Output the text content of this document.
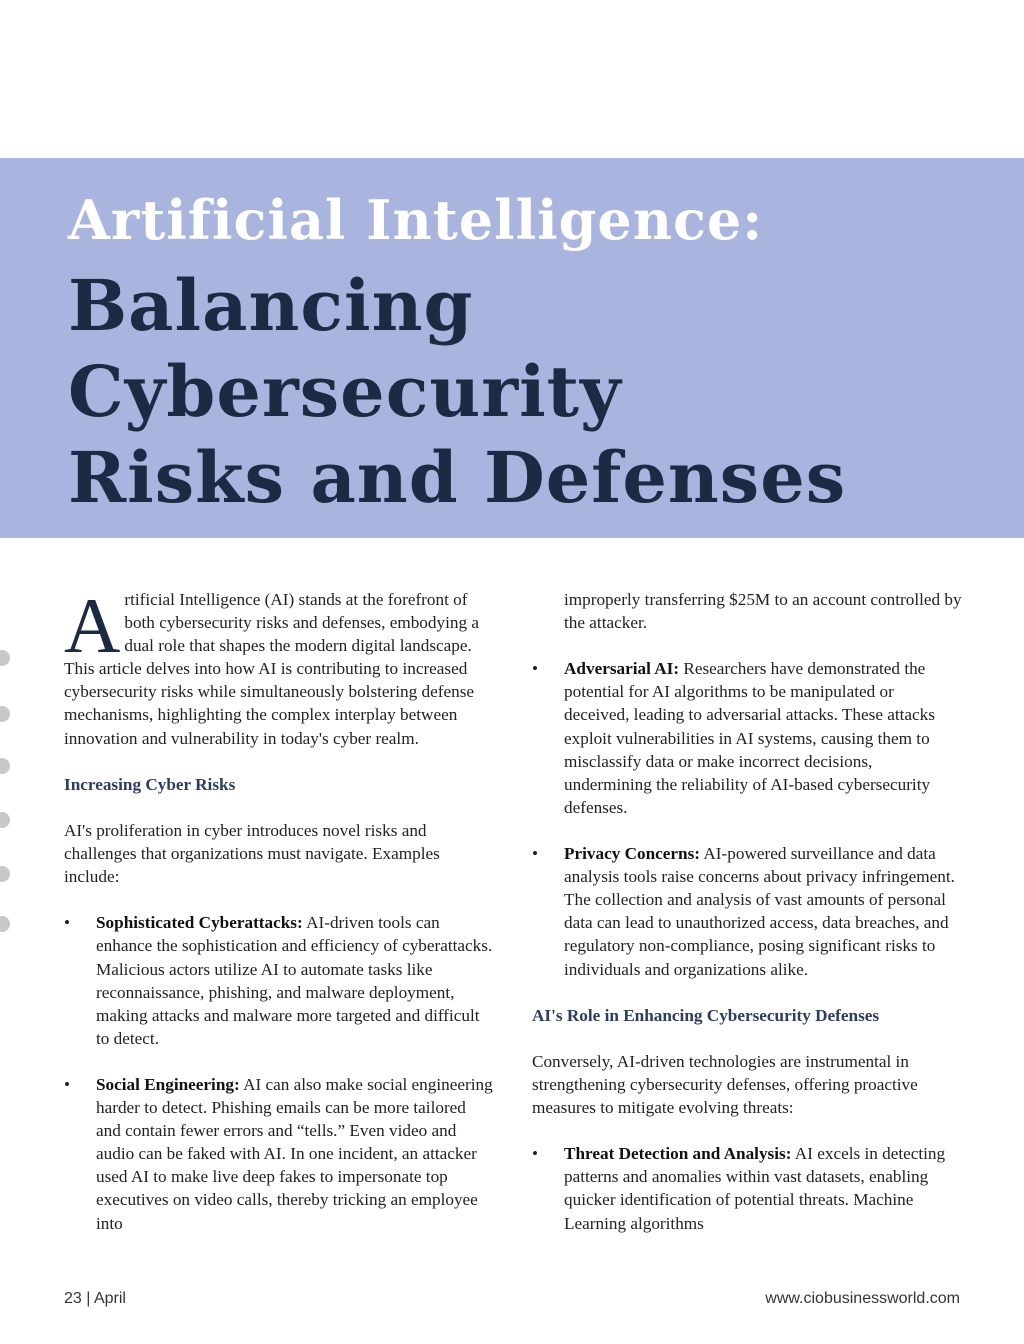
Artificial Intelligence:
Balancing
Cybersecurity
Risks and Defenses

Artificial Intelligence (AI) stands at the forefront of both cybersecurity risks and defenses, embodying a dual role that shapes the modern digital landscape. This article delves into how AI is contributing to increased cybersecurity risks while simultaneously bolstering defense mechanisms, highlighting the complex interplay between innovation and vulnerability in today's cyber realm.

Increasing Cyber Risks

AI's proliferation in cyber introduces novel risks and challenges that organizations must navigate. Examples include:

• Sophisticated Cyberattacks: AI-driven tools can enhance the sophistication and efficiency of cyberattacks. Malicious actors utilize AI to automate tasks like reconnaissance, phishing, and malware deployment, making attacks and malware more targeted and difficult to detect.
• Social Engineering: AI can also make social engineering harder to detect. Phishing emails can be more tailored and contain fewer errors and “tells.” Even video and audio can be faked with AI. In one incident, an attacker used AI to make live deep fakes to impersonate top executives on video calls, thereby tricking an employee into

improperly transferring $25M to an account controlled by the attacker.

• Adversarial AI: Researchers have demonstrated the potential for AI algorithms to be manipulated or deceived, leading to adversarial attacks. These attacks exploit vulnerabilities in AI systems, causing them to misclassify data or make incorrect decisions, undermining the reliability of AI-based cybersecurity defenses.
• Privacy Concerns: AI-powered surveillance and data analysis tools raise concerns about privacy infringement. The collection and analysis of vast amounts of personal data can lead to unauthorized access, data breaches, and regulatory non-compliance, posing significant risks to individuals and organizations alike.
AI's Role in Enhancing Cybersecurity Defenses

Conversely, AI-driven technologies are instrumental in strengthening cybersecurity defenses, offering proactive measures to mitigate evolving threats:

• Threat Detection and Analysis: AI excels in detecting patterns and anomalies within vast datasets, enabling quicker identification of potential threats. Machine Learning algorithms
23 | April	www.ciobusinessworld.com
